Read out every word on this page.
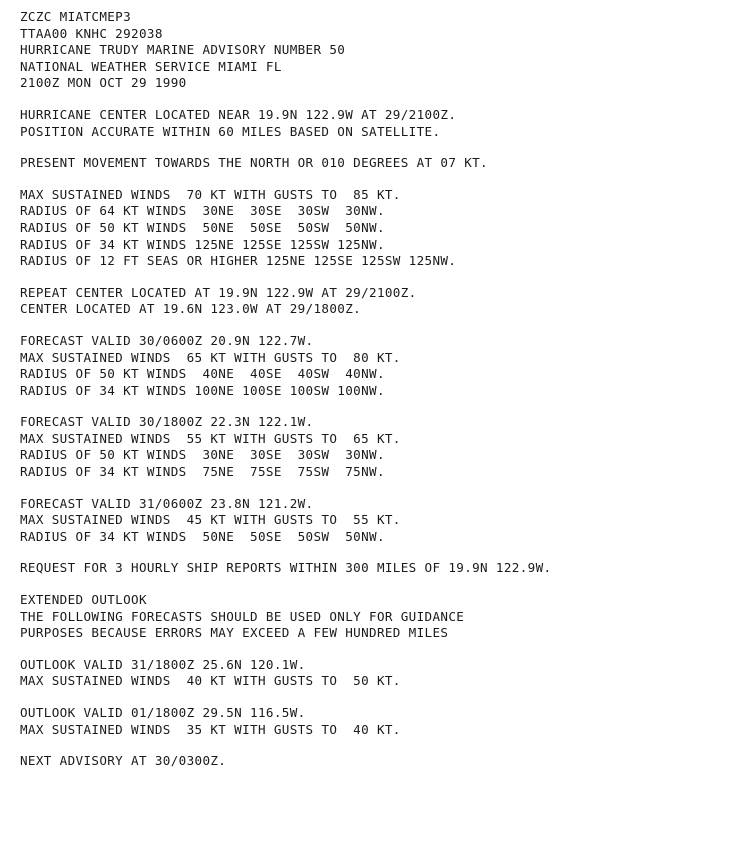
ZCZC MIATCMEP3
TTAA00 KNHC 292038
HURRICANE TRUDY MARINE ADVISORY NUMBER 50
NATIONAL WEATHER SERVICE MIAMI FL
2100Z MON OCT 29 1990
HURRICANE CENTER LOCATED NEAR 19.9N 122.9W AT 29/2100Z.
POSITION ACCURATE WITHIN 60 MILES BASED ON SATELLITE.
PRESENT MOVEMENT TOWARDS THE NORTH OR 010 DEGREES AT 07 KT.
MAX SUSTAINED WINDS  70 KT WITH GUSTS TO  85 KT.
RADIUS OF 64 KT WINDS  30NE  30SE  30SW  30NW.
RADIUS OF 50 KT WINDS  50NE  50SE  50SW  50NW.
RADIUS OF 34 KT WINDS 125NE 125SE 125SW 125NW.
RADIUS OF 12 FT SEAS OR HIGHER 125NE 125SE 125SW 125NW.
REPEAT CENTER LOCATED AT 19.9N 122.9W AT 29/2100Z.
CENTER LOCATED AT 19.6N 123.0W AT 29/1800Z.
FORECAST VALID 30/0600Z 20.9N 122.7W.
MAX SUSTAINED WINDS  65 KT WITH GUSTS TO  80 KT.
RADIUS OF 50 KT WINDS  40NE  40SE  40SW  40NW.
RADIUS OF 34 KT WINDS 100NE 100SE 100SW 100NW.
FORECAST VALID 30/1800Z 22.3N 122.1W.
MAX SUSTAINED WINDS  55 KT WITH GUSTS TO  65 KT.
RADIUS OF 50 KT WINDS  30NE  30SE  30SW  30NW.
RADIUS OF 34 KT WINDS  75NE  75SE  75SW  75NW.
FORECAST VALID 31/0600Z 23.8N 121.2W.
MAX SUSTAINED WINDS  45 KT WITH GUSTS TO  55 KT.
RADIUS OF 34 KT WINDS  50NE  50SE  50SW  50NW.
REQUEST FOR 3 HOURLY SHIP REPORTS WITHIN 300 MILES OF 19.9N 122.9W.
EXTENDED OUTLOOK
THE FOLLOWING FORECASTS SHOULD BE USED ONLY FOR GUIDANCE
PURPOSES BECAUSE ERRORS MAY EXCEED A FEW HUNDRED MILES
OUTLOOK VALID 31/1800Z 25.6N 120.1W.
MAX SUSTAINED WINDS  40 KT WITH GUSTS TO  50 KT.
OUTLOOK VALID 01/1800Z 29.5N 116.5W.
MAX SUSTAINED WINDS  35 KT WITH GUSTS TO  40 KT.
NEXT ADVISORY AT 30/0300Z.
